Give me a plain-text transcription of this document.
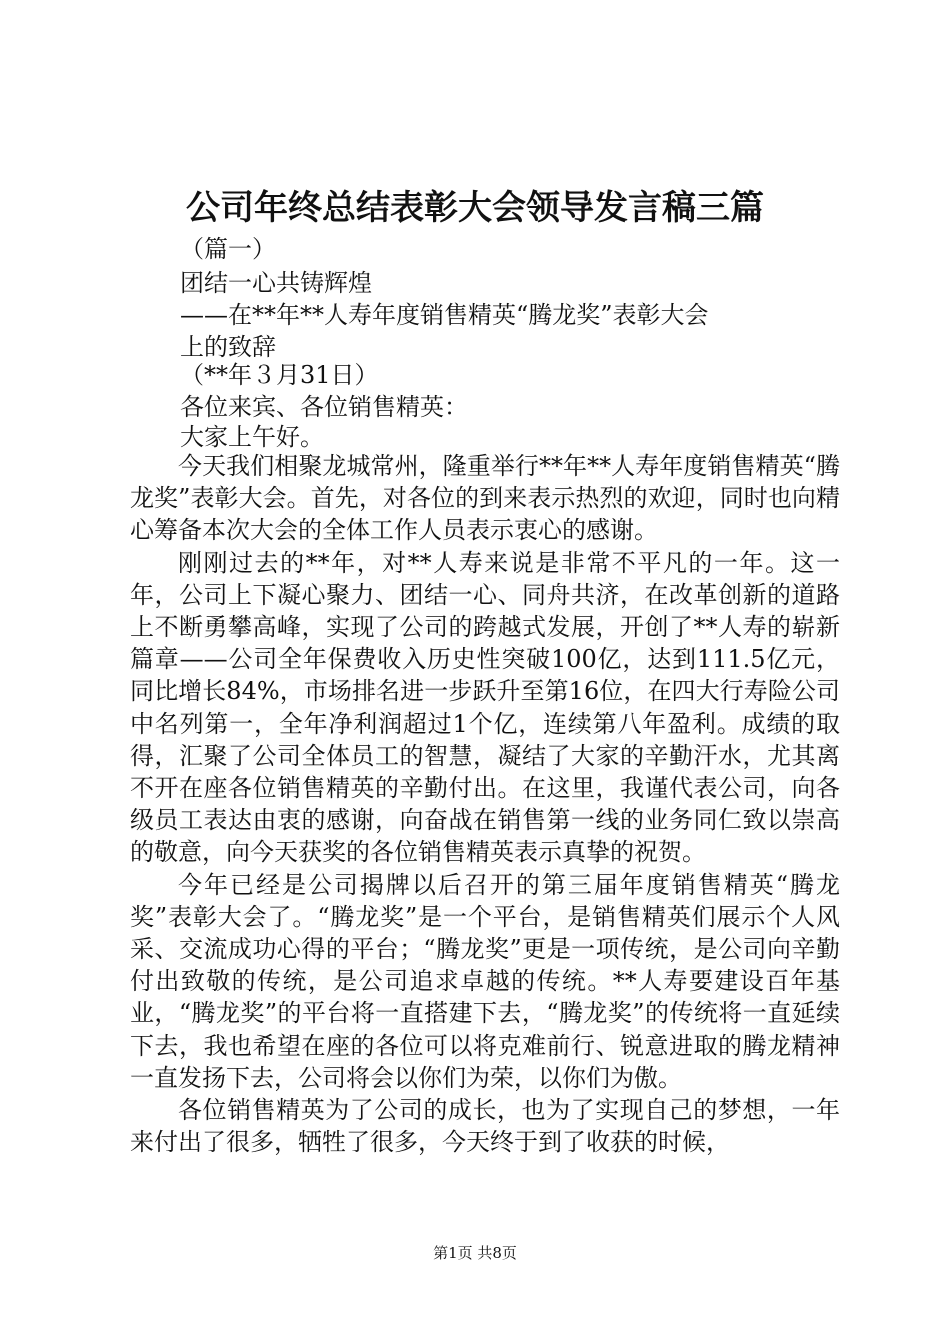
公司年终总结表彰大会领导发言稿三篇
（篇一）
团结一心共铸辉煌
——在**年**人寿年度销售精英“腾龙奖”表彰大会
上的致辞
（**年３月31日）
各位来宾、各位销售精英：
大家上午好。

今天我们相聚龙城常州，隆重举行**年**人寿年度销售精英“腾龙奖”表彰大会。首先，对各位的到来表示热烈的欢迎，同时也向精心筹备本次大会的全体工作人员表示衷心的感谢。

刚刚过去的**年，对**人寿来说是非常不平凡的一年。这一年，公司上下凝心聚力、团结一心、同舟共济，在改革创新的道路上不断勇攀高峰，实现了公司的跨越式发展，开创了**人寿的崭新篇章——公司全年保费收入历史性突破100亿，达到111.5亿元，同比增长84%，市场排名进一步跃升至第16位，在四大行寿险公司中名列第一，全年净利润超过1个亿，连续第八年盈利。成绩的取得，汇聚了公司全体员工的智慧，凝结了大家的辛勤汗水，尤其离不开在座各位销售精英的辛勤付出。在这里，我谨代表公司，向各级员工表达由衷的感谢，向奋战在销售第一线的业务同仁致以崇高的敬意，向今天获奖的各位销售精英表示真挚的祝贺。

今年已经是公司揭牌以后召开的第三届年度销售精英“腾龙奖”表彰大会了。“腾龙奖”是一个平台，是销售精英们展示个人风采、交流成功心得的平台；“腾龙奖”更是一项传统，是公司向辛勤付出致敬的传统，是公司追求卓越的传统。**人寿要建设百年基业，“腾龙奖”的平台将一直搭建下去，“腾龙奖”的传统将一直延续下去，我也希望在座的各位可以将克难前行、锐意进取的腾龙精神一直发扬下去，公司将会以你们为荣，以你们为傲。

各位销售精英为了公司的成长，也为了实现自己的梦想，一年来付出了很多，牺牲了很多，今天终于到了收获的时候，

第1页 共8页
